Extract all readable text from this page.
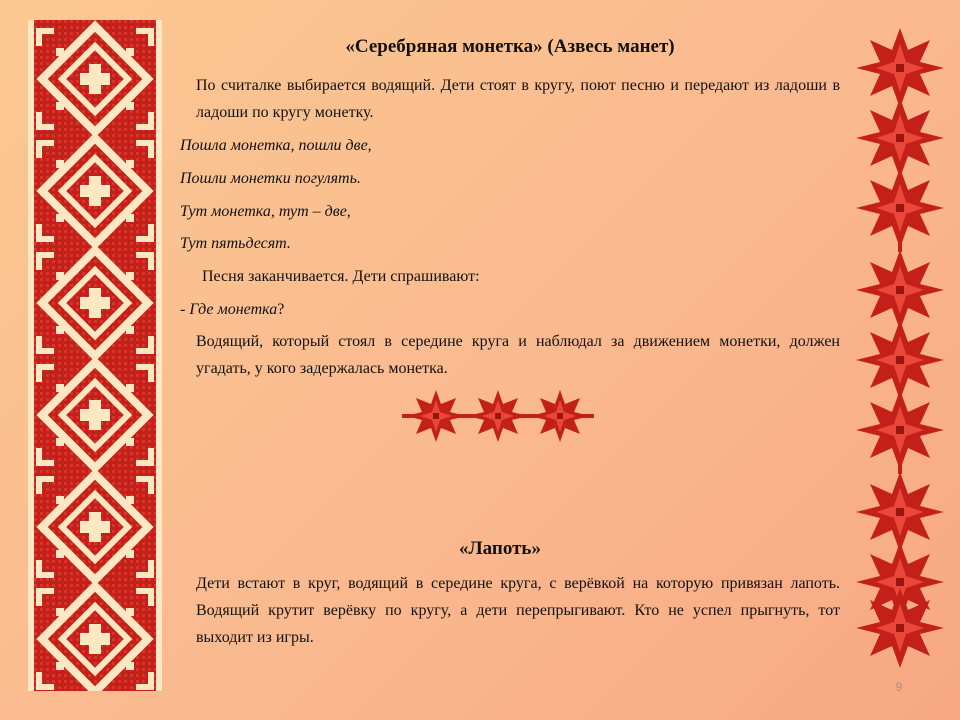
«Серебряная монетка» (Азвесь манет)

По считалке выбирается водящий. Дети стоят в кругу, поют песню и передают из ладоши в ладоши по кругу монетку.

Пошла монетка, пошли две,

Пошли монетки погулять.

Тут монетка, тут – две,

Тут пятьдесят.

Песня заканчивается. Дети спрашивают:

- Где монетка?

Водящий, который стоял в середине круга и наблюдал за движением монетки, должен угадать, у кого задержалась монетка.

«Лапоть»

Дети встают в круг, водящий в середине круга, с верёвкой на которую привязан лапоть. Водящий крутит верёвку по кругу, а дети перепрыгивают. Кто не успел прыгнуть, тот выходит из игры.

9
